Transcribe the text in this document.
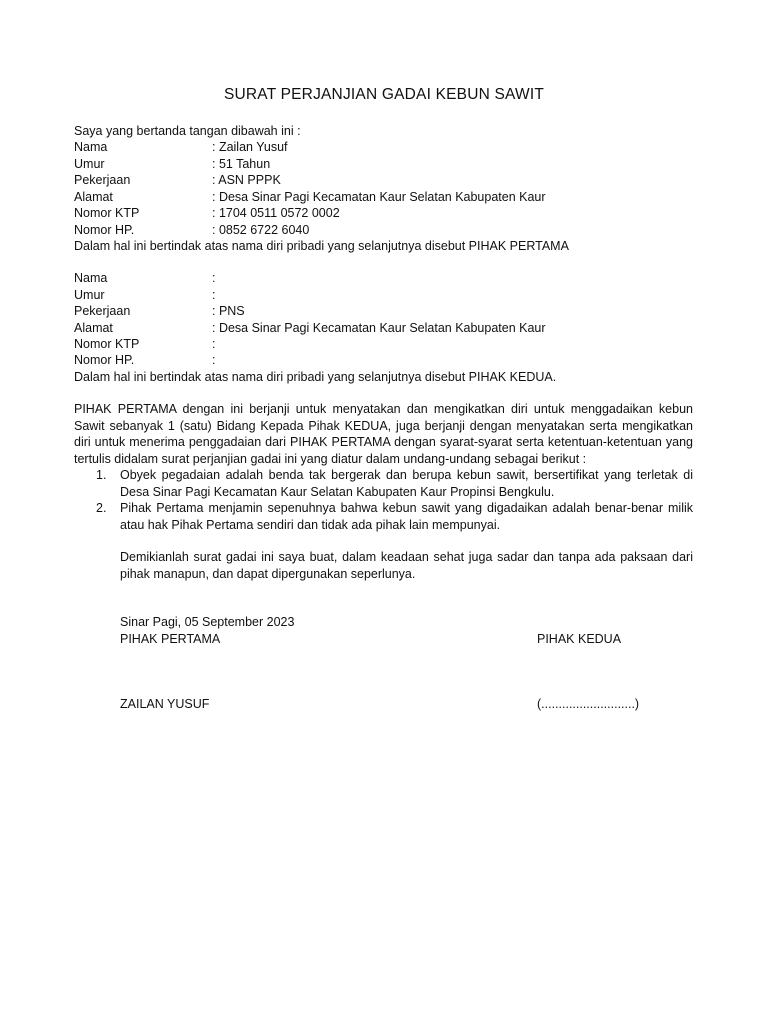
SURAT PERJANJIAN GADAI KEBUN SAWIT
Saya yang bertanda tangan dibawah ini :
Nama	: Zailan Yusuf
Umur	: 51 Tahun
Pekerjaan	: ASN PPPK
Alamat	: Desa Sinar Pagi Kecamatan Kaur Selatan Kabupaten Kaur
Nomor KTP	: 1704 0511 0572 0002
Nomor HP.	: 0852 6722 6040
Dalam hal ini bertindak atas nama diri pribadi yang selanjutnya disebut PIHAK PERTAMA
Nama	:
Umur	:
Pekerjaan	: PNS
Alamat	: Desa Sinar Pagi Kecamatan Kaur Selatan Kabupaten Kaur
Nomor KTP	:
Nomor HP.	:
Dalam hal ini bertindak atas nama diri pribadi yang selanjutnya disebut PIHAK KEDUA.
PIHAK PERTAMA dengan ini berjanji untuk menyatakan dan mengikatkan diri untuk menggadaikan kebun Sawit sebanyak 1 (satu) Bidang Kepada Pihak KEDUA, juga berjanji dengan menyatakan serta mengikatkan diri untuk menerima penggadaian dari PIHAK PERTAMA dengan syarat-syarat serta ketentuan-ketentuan yang tertulis didalam surat perjanjian gadai ini yang diatur dalam undang-undang sebagai berikut :
1. Obyek pegadaian adalah benda tak bergerak dan berupa kebun sawit, bersertifikat yang terletak di Desa Sinar Pagi Kecamatan Kaur Selatan Kabupaten Kaur Propinsi Bengkulu.
2. Pihak Pertama menjamin sepenuhnya bahwa kebun sawit yang digadaikan adalah benar-benar milik atau hak Pihak Pertama sendiri dan tidak ada pihak lain mempunyai.
Demikianlah surat gadai ini saya buat, dalam keadaan sehat juga sadar dan tanpa ada paksaan dari pihak manapun, dan dapat dipergunakan seperlunya.
Sinar Pagi, 05 September 2023
PIHAK PERTAMA	PIHAK KEDUA
ZAILAN YUSUF	(...........................)
